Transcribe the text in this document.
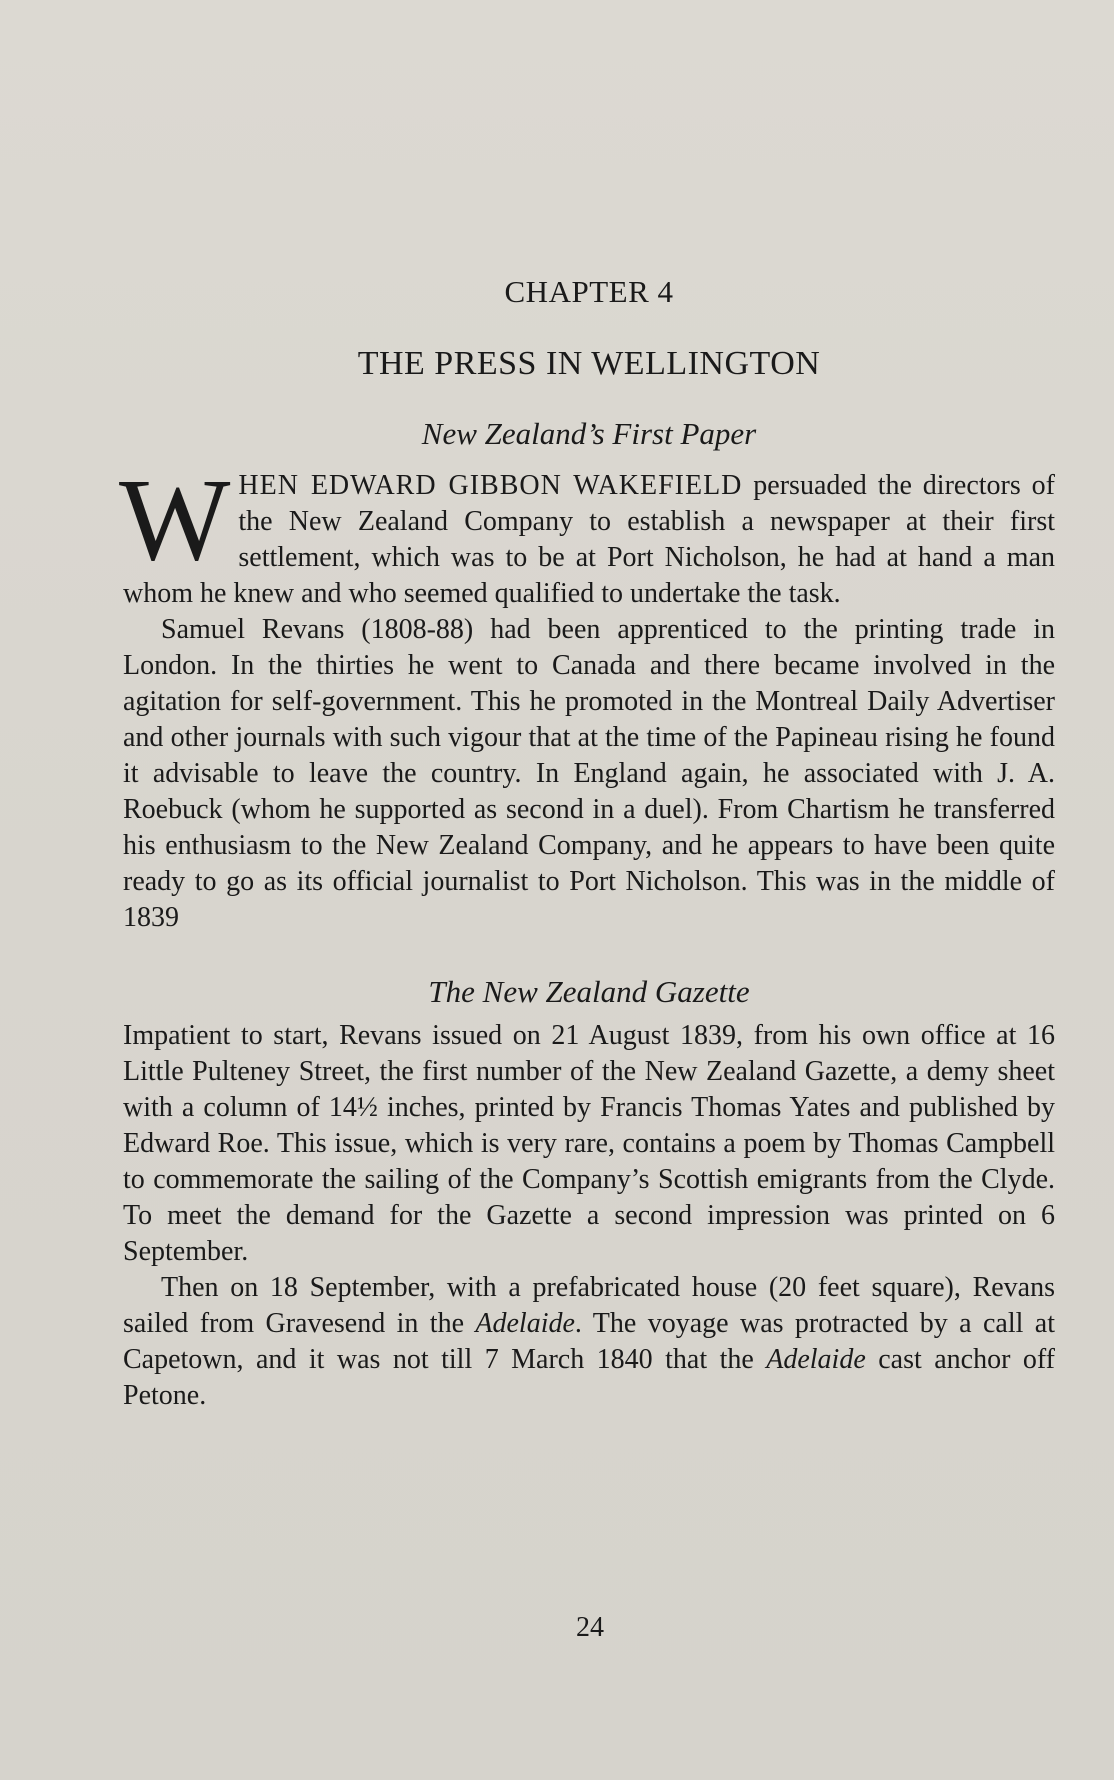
CHAPTER 4
THE PRESS IN WELLINGTON
New Zealand’s First Paper

WHEN EDWARD GIBBON WAKEFIELD persuaded the directors of the New Zealand Company to establish a newspaper at their first settlement, which was to be at Port Nicholson, he had at hand a man whom he knew and who seemed qualified to undertake the task.

Samuel Revans (1808-88) had been apprenticed to the printing trade in London. In the thirties he went to Canada and there became involved in the agitation for self-government. This he promoted in the Montreal Daily Advertiser and other journals with such vigour that at the time of the Papineau rising he found it advisable to leave the country. In England again, he associated with J. A. Roebuck (whom he supported as second in a duel). From Chartism he transferred his enthusiasm to the New Zealand Company, and he appears to have been quite ready to go as its official journalist to Port Nicholson. This was in the middle of 1839

The New Zealand Gazette

Impatient to start, Revans issued on 21 August 1839, from his own office at 16 Little Pulteney Street, the first number of the New Zealand Gazette, a demy sheet with a column of 14½ inches, printed by Francis Thomas Yates and published by Edward Roe. This issue, which is very rare, contains a poem by Thomas Campbell to commemorate the sailing of the Company’s Scottish emigrants from the Clyde. To meet the demand for the Gazette a second impression was printed on 6 September.

Then on 18 September, with a prefabricated house (20 feet square), Revans sailed from Gravesend in the Adelaide. The voyage was protracted by a call at Capetown, and it was not till 7 March 1840 that the Adelaide cast anchor off Petone.

24
